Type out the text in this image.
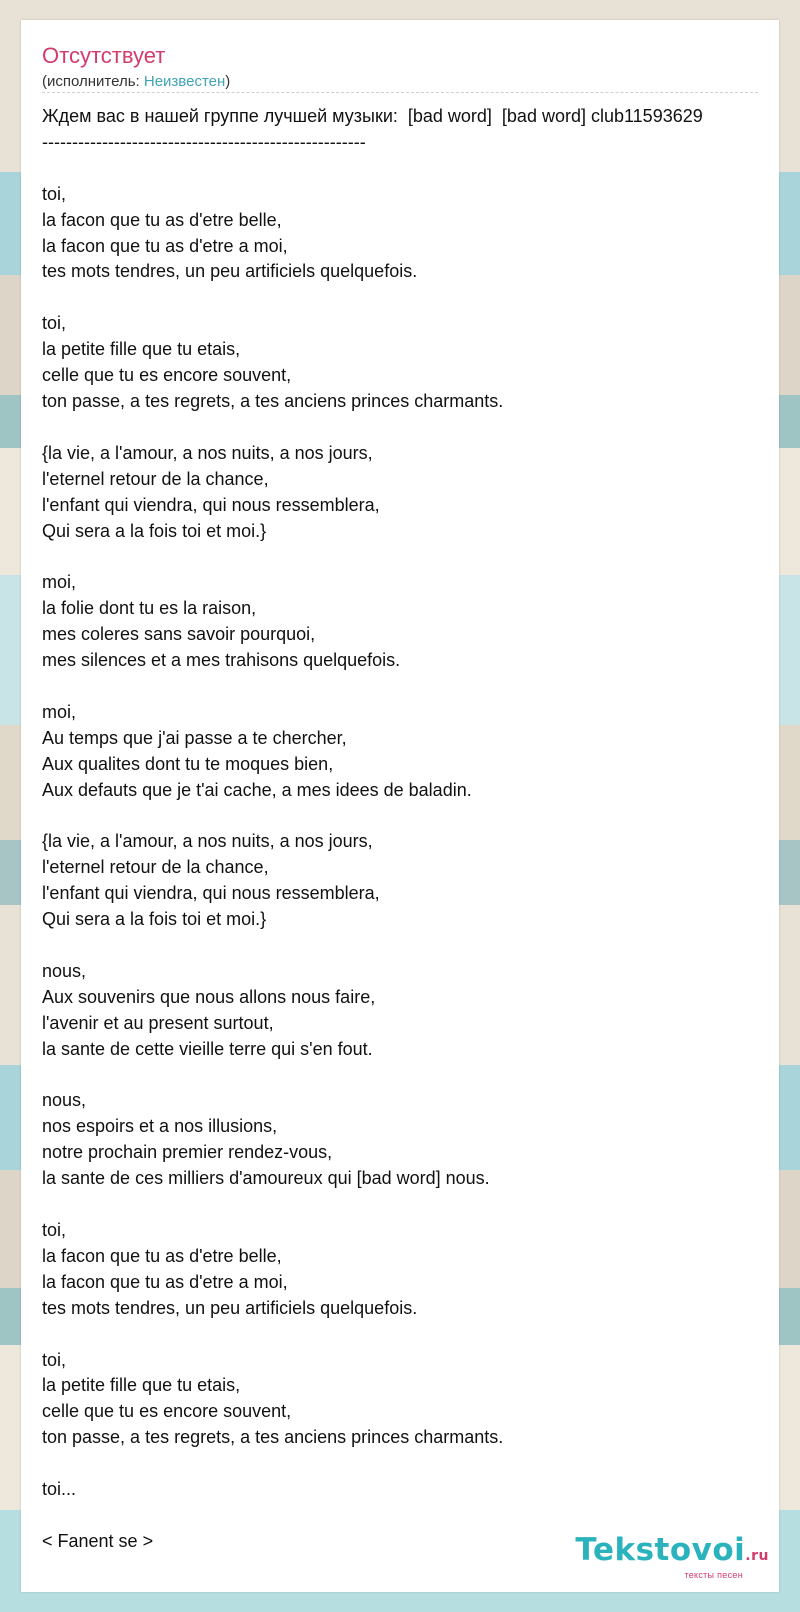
Отсутствует
(исполнитель: Неизвестен)
Ждем вас в нашей группе лучшей музыки:  [bad word]  [bad word] club11593629
------------------------------------------------------

toi,
la facon que tu as d'etre belle,
la facon que tu as d'etre a moi,
tes mots tendres, un peu artificiels quelquefois.

toi,
la petite fille que tu etais,
celle que tu es encore souvent,
ton passe, a tes regrets, a tes anciens princes charmants.

{la vie, a l'amour, a nos nuits, a nos jours,
l'eternel retour de la chance,
l'enfant qui viendra, qui nous ressemblera,
Qui sera a la fois toi et moi.}

moi,
la folie dont tu es la raison,
mes coleres sans savoir pourquoi,
mes silences et a mes trahisons quelquefois.

moi,
Au temps que j'ai passe a te chercher,
Aux qualites dont tu te moques bien,
Aux defauts que je t'ai cache, a mes idees de baladin.

{la vie, a l'amour, a nos nuits, a nos jours,
l'eternel retour de la chance,
l'enfant qui viendra, qui nous ressemblera,
Qui sera a la fois toi et moi.}

nous,
Aux souvenirs que nous allons nous faire,
l'avenir et au present surtout,
la sante de cette vieille terre qui s'en fout.

nous,
nos espoirs et a nos illusions,
notre prochain premier rendez-vous,
la sante de ces milliers d'amoureux qui [bad word] nous.

toi,
la facon que tu as d'etre belle,
la facon que tu as d'etre a moi,
tes mots tendres, un peu artificiels quelquefois.

toi,
la petite fille que tu etais,
celle que tu es encore souvent,
ton passe, a tes regrets, a tes anciens princes charmants.

toi...

< Fanent se >	Tekstovoi.ru
тексты песен
